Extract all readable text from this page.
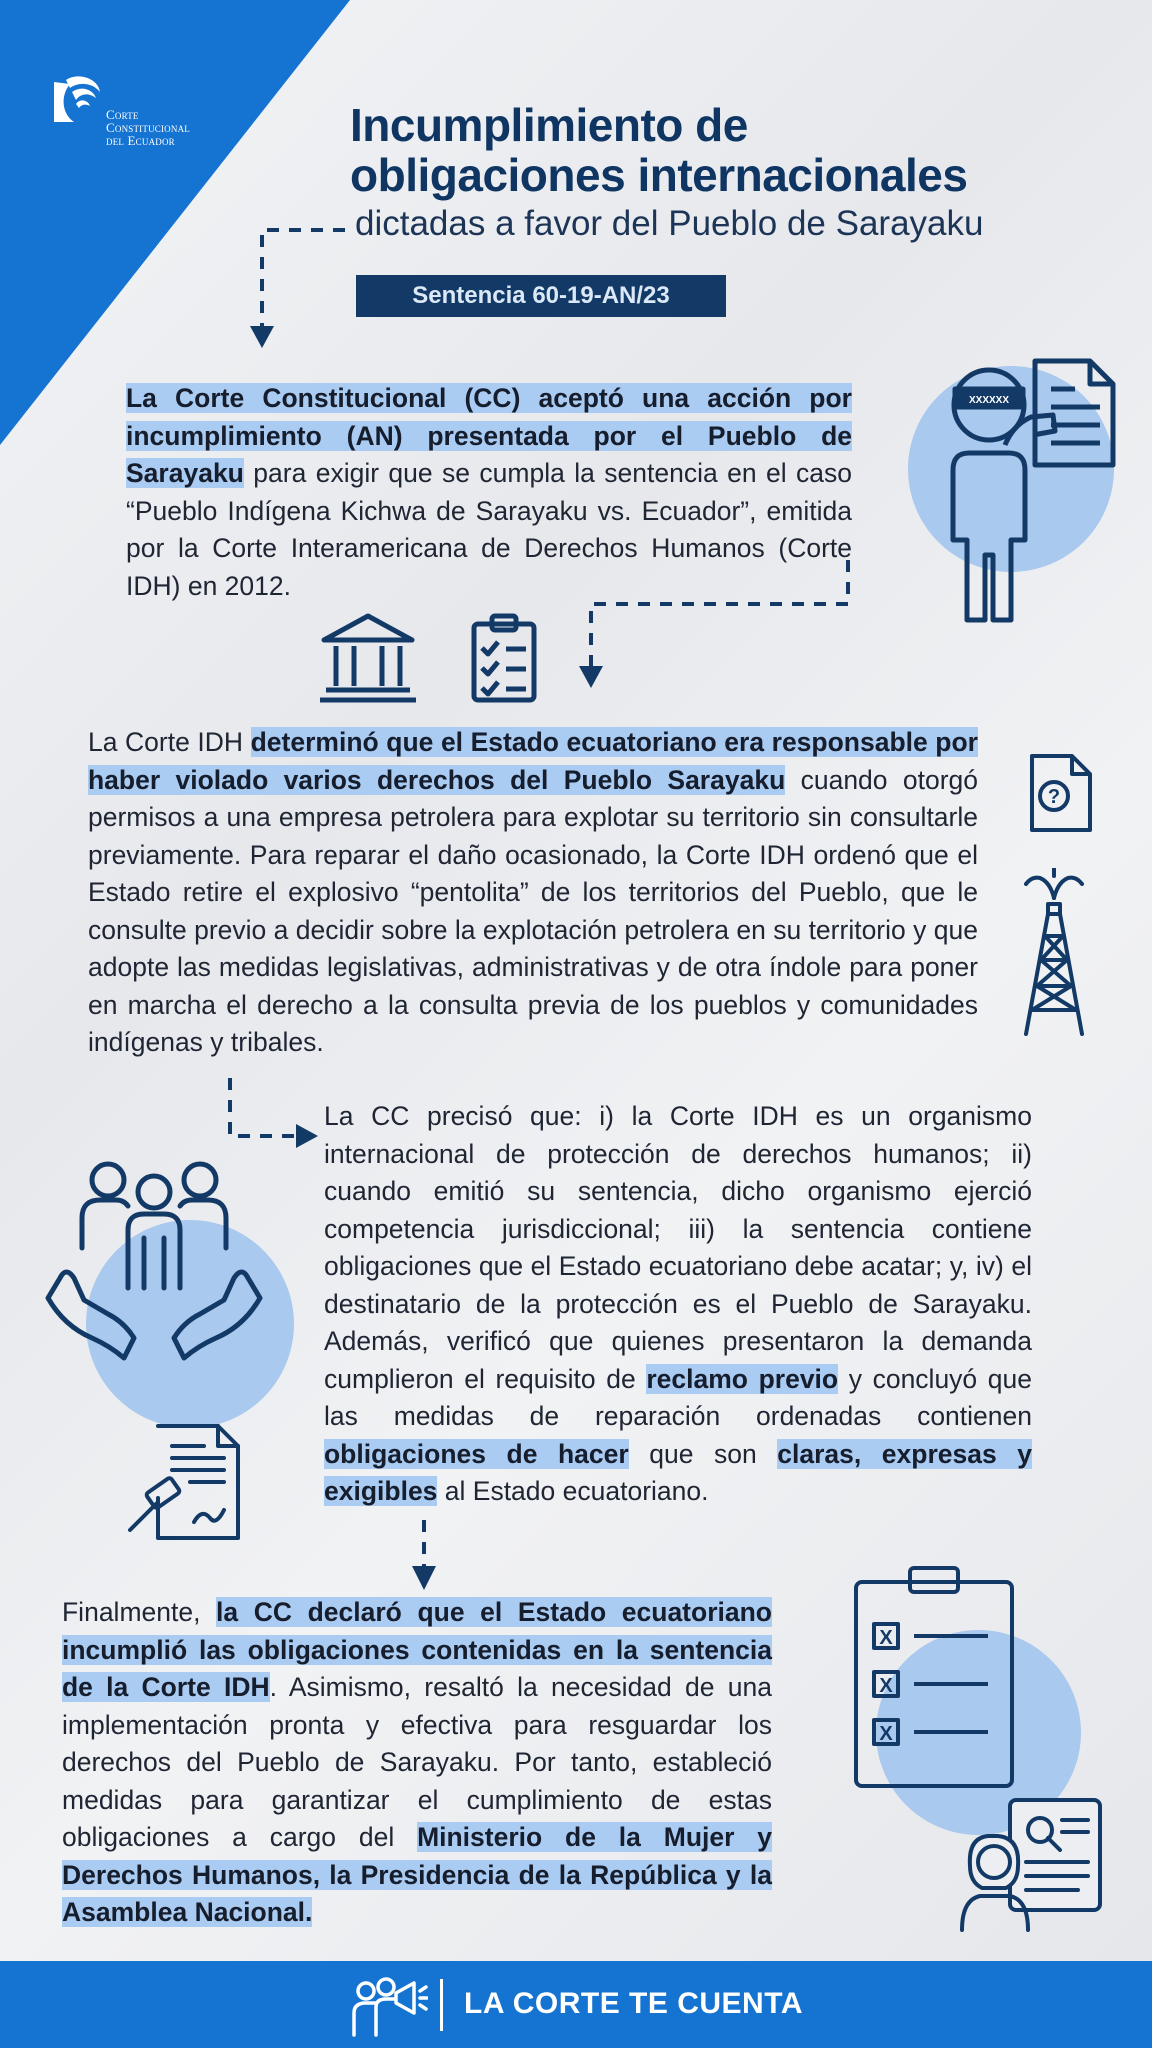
Corte
Constitucional
del Ecuador	Incumplimiento de
obligaciones internacionales
dictadas a favor del Pueblo de Sarayaku
Sentencia 60-19-AN/23

La Corte Constitucional (CC) aceptó una acción por incumplimiento (AN) presentada por el Pueblo de Sarayaku para exigir que se cumpla la sentencia en el caso “Pueblo Indígena Kichwa de Sarayaku vs. Ecuador”, emitida por la Corte Interamericana de Derechos Humanos (Corte IDH) en 2012.

XXXXXX

La Corte IDH determinó que el Estado ecuatoriano era responsable por haber violado varios derechos del Pueblo Sarayaku cuando otorgó permisos a una empresa petrolera para explotar su territorio sin consultarle previamente. Para reparar el daño ocasionado, la Corte IDH ordenó que el Estado retire el explosivo “pentolita” de los territorios del Pueblo, que le consulte previo a decidir sobre la explotación petrolera en su territorio y que adopte las medidas legislativas, administrativas y de otra índole para poner en marcha el derecho a la consulta previa de los pueblos y comunidades indígenas y tribales.

?

La CC precisó que: i) la Corte IDH es un organismo internacional de protección de derechos humanos; ii) cuando emitió su sentencia, dicho organismo ejerció competencia jurisdiccional; iii) la sentencia contiene obligaciones que el Estado ecuatoriano debe acatar; y, iv) el destinatario de la protección es el Pueblo de Sarayaku. Además, verificó que quienes presentaron la demanda cumplieron el requisito de reclamo previo y concluyó que las medidas de reparación ordenadas contienen obligaciones de hacer que son claras, expresas y exigibles al Estado ecuatoriano.

Finalmente, la CC declaró que el Estado ecuatoriano incumplió las obligaciones contenidas en la sentencia de la Corte IDH. Asimismo, resaltó la necesidad de una implementación pronta y efectiva para resguardar los derechos del Pueblo de Sarayaku. Por tanto, estableció medidas para garantizar el cumplimiento de estas obligaciones a cargo del Ministerio de la Mujer y Derechos Humanos, la Presidencia de la República y la Asamblea Nacional.

X
X
X
LA CORTE TE CUENTA
